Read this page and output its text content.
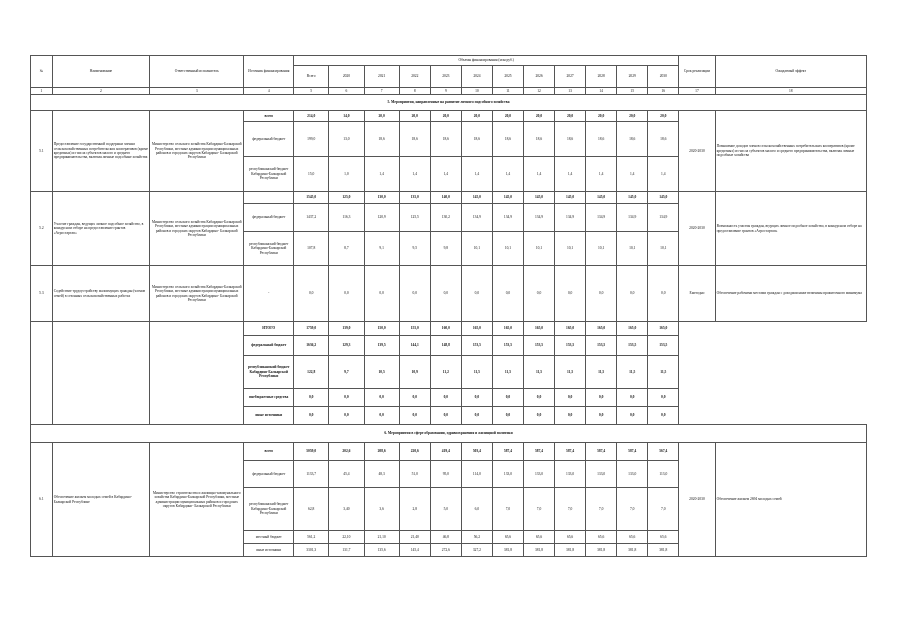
№	Наименование	Ответственный исполнитель	Источник финансирования	Объемы финансирования (млн руб.)												Срок реализации	Ожидаемый эффект
				Всего	2020	2021	2022	2023	2024	2025	2026	2027	2028	2029	2030		
1	2	3	4	5	6	7	8	9	10	11	12	13	14	15	16	17	18
5. Мероприятия, направленные на развитие личного подсобного хозяйства																	
5.1	Предоставление государственной поддержки членам сельскохозяйственных потребительских кооперативов (кроме кредитных) из числа субъектов малого и среднего предпринимательства, включая личные подсобные хозяйства	Министерство сельского хозяйства Кабардино-Балкарской Республики, местные администрации муниципальных районов и городских округов Кабардино- Балкарской Республики	всего	214,0	14,0	20,0	20,0	20,0	20,0	20,0	20,0	20,0	20,0	20,0	20,0	2020-2030	Повышение доходов членов сельскохозяйственных потребительских кооперативов (кроме кредитных) из числа субъектов малого и среднего предпринимательства, включая личные подсобные хозяйства
			федеральный бюджет	199,0	13,0	18,6	18,6	18,6	18,6	18,6	18,6	18,6	18,6	18,6	18,6		
			республиканский бюджет Кабардино-Балкарской Республики	15,0	1,0	1,4	1,4	1,4	1,4	1,4	1,4	1,4	1,4	1,4	1,4		
5.2	Участие граждан, ведущих личное подсобное хозяйство, в конкурсном отборе на предоставление грантов «Агростартап»	Министерство сельского хозяйства Кабардино-Балкарской Республики, местные администрации муниципальных районов и городских округов Кабардино- Балкарской Республики		1545,0	125,0	130,0	135,0	140,0	145,0	145,0	145,0	145,0	145,0	145,0	145,0	2020-2030	Возможность участия граждан, ведущих личное подсобное хозяйство, в конкурсном отборе на предоставление грантов «Агростартап»
			федеральный бюджет	1437,2	116,3	120,9	125,5	130,2	134,9	134,9	134,9	134,9	134,9	134,9	134,9		
			республиканский бюджет Кабардино-Балкарской Республики	107,8	8,7	9,1	9,5	9,8	10,1	10,1	10,1	10,1	10,1	10,1	10,1		
5.3	Содействие трудоустройству малоимущих граждан (членов семей) в сезонных сельскохозяйственных работах	Министерство сельского хозяйства Кабардино-Балкарской Республики, местные администрации муниципальных районов и городских округов Кабардино- Балкарской Республики	-	0,0	0,0	0,0	0,0	0,0	0,0	0,0	0,0	0,0	0,0	0,0	0,0	Ежегодно	Обеспечение рабочими местами граждан с доходами ниже величины прожиточного минимума
			ИТОГО	1759,0	139,0	150,0	155,0	160,0	165,0	165,0	165,0	165,0	165,0	165,0	165,0		
			федеральный бюджет	1636,2	129,3	139,5	144,1	148,8	153,5	153,5	153,5	153,5	153,5	153,5	153,5		
			республиканский бюджет Кабардино-Балкарской Республики	122,8	9,7	10,5	10,9	11,2	11,5	11,5	11,5	11,5	11,5	11,5	11,5		
			внебюджетные средства	0,0	0,0	0,0	0,0	0,0	0,0	0,0	0,0	0,0	0,0	0,0	0,0		
			иные источники	0,0	0,0	0,0	0,0	0,0	0,0	0,0	0,0	0,0	0,0	0,0	0,0		
6. Мероприятия в сфере образования, здравоохранения и жилищной политики																	
6.1	Обеспечение жильем молодых семей в Кабардино-Балкарской Республике	Министерство строительства и жилищно-коммунального хозяйства Кабардино-Балкарской Республики, местные администрации муниципальных районов и городских округов Кабардино- Балкарской Республики	всего	5059,0	202,6	208,6	220,6	419,4	503,4	587,4	587,4	587,4	587,4	587,4	567,4	2020-2030	Обеспечение жильем 2694 молодых семей
			федеральный бюджет	1133,7	45,4	48,3	51,0	95,0	114,0	133,0	133,0	133,0	133,0	133,0	113,0		
			республиканский бюджет Кабардино-Балкарской Республики	62,8	3,40	3,6	2,8	5,0	6,0	7,0	7,0	7,0	7,0	7,0	7,0		
			местный бюджет	561,2	22,10	21,10	21,40	46,8	56,2	65,6	65,6	65,6	65,6	65,6	65,6		
			иные источники	3301,3	131,7	135,6	145,4	272,6	327,2	381,8	381,8	381,8	381,8	381,8	381,8		
